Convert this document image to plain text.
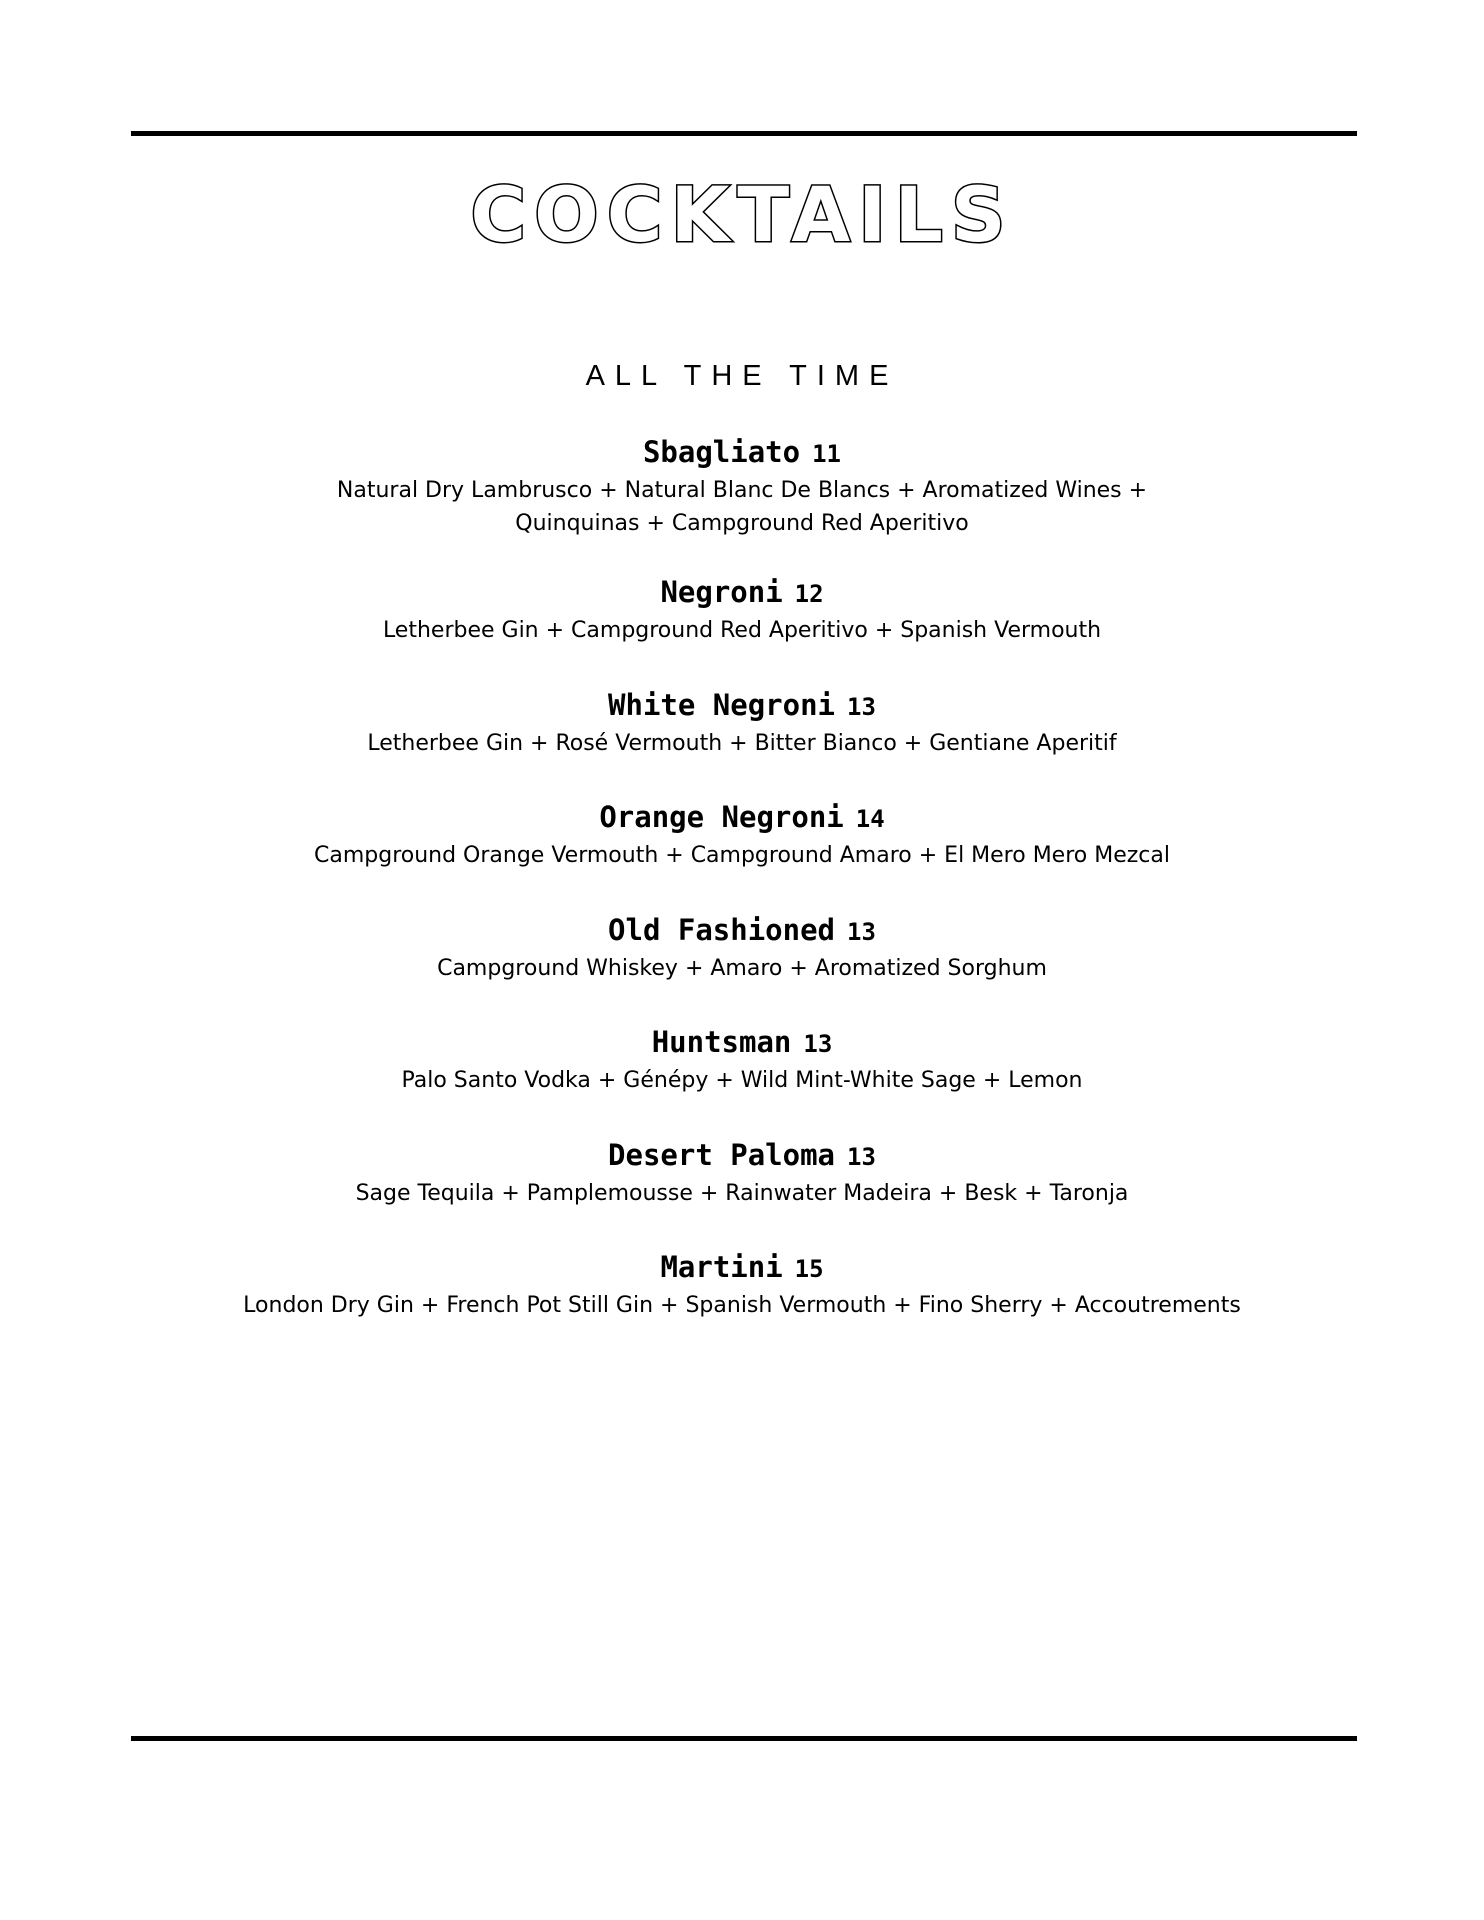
COCKTAILS
ALL THE TIME
Sbagliato 11
Natural Dry Lambrusco + Natural Blanc De Blancs + Aromatized Wines +
Quinquinas + Campground Red Aperitivo
Negroni 12
Letherbee Gin + Campground Red Aperitivo + Spanish Vermouth
White Negroni 13
Letherbee Gin + Rosé Vermouth + Bitter Bianco + Gentiane Aperitif
Orange Negroni 14
Campground Orange Vermouth + Campground Amaro + El Mero Mero Mezcal
Old Fashioned 13
Campground Whiskey + Amaro + Aromatized Sorghum
Huntsman 13
Palo Santo Vodka + Génépy + Wild Mint-White Sage + Lemon
Desert Paloma 13
Sage Tequila + Pamplemousse + Rainwater Madeira + Besk + Taronja
Martini 15
London Dry Gin + French Pot Still Gin + Spanish Vermouth + Fino Sherry + Accoutrements
